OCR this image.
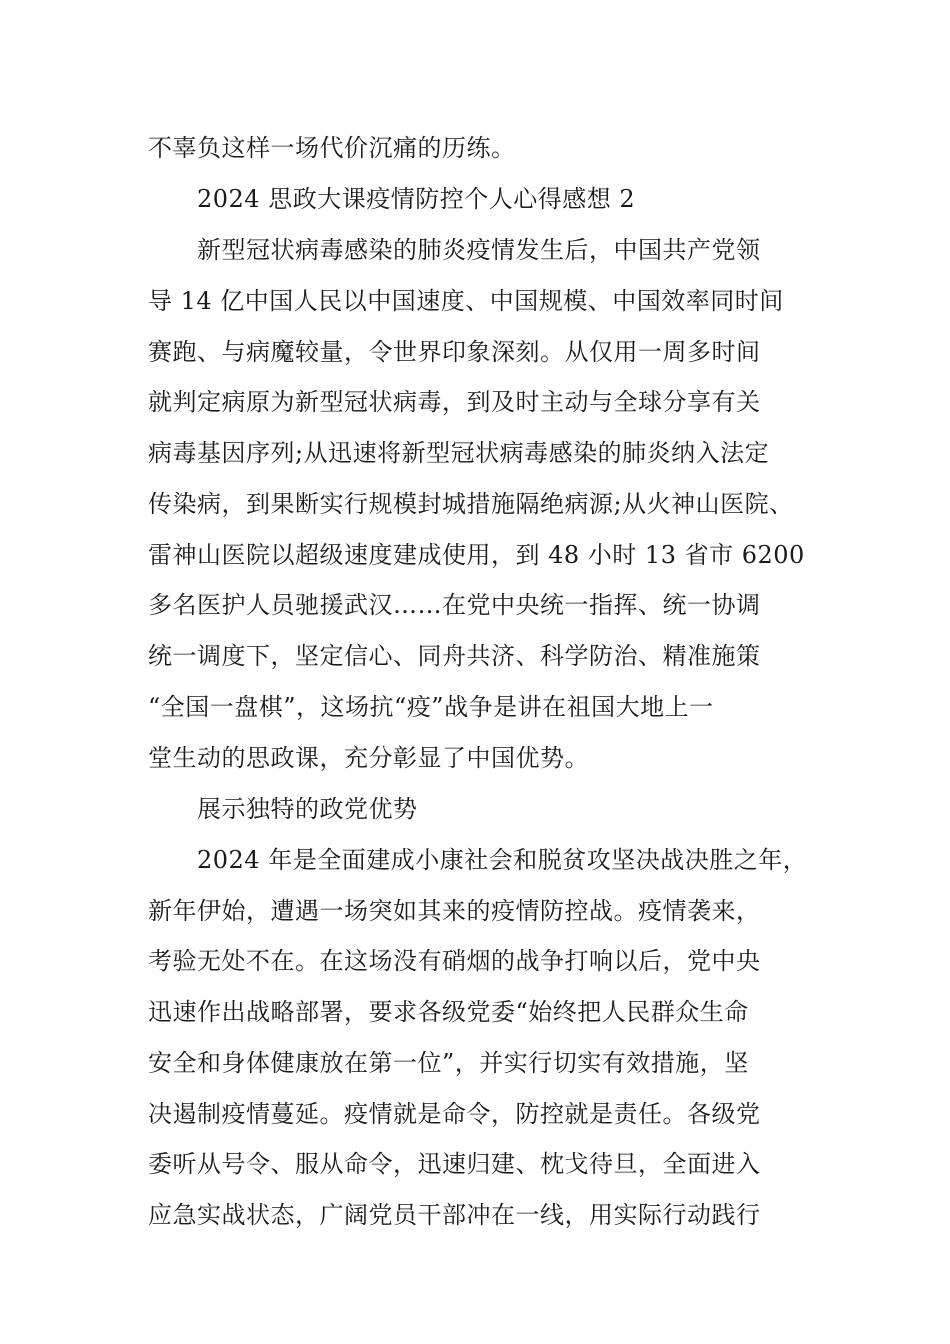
不辜负这样一场代价沉痛的历练。
2024 思政大课疫情防控个人心得感想 2
新型冠状病毒感染的肺炎疫情发生后，中国共产党领
导 14 亿中国人民以中国速度、中国规模、中国效率同时间
赛跑、与病魔较量，令世界印象深刻。从仅用一周多时间
就判定病原为新型冠状病毒，到及时主动与全球分享有关
病毒基因序列;从迅速将新型冠状病毒感染的肺炎纳入法定
传染病，到果断实行规模封城措施隔绝病源;从火神山医院、
雷神山医院以超级速度建成使用，到 48 小时 13 省市 6200
多名医护人员驰援武汉……在党中央统一指挥、统一协调
统一调度下，坚定信心、同舟共济、科学防治、精准施策
“全国一盘棋”，这场抗“疫”战争是讲在祖国大地上一
堂生动的思政课，充分彰显了中国优势。
展示独特的政党优势
2024 年是全面建成小康社会和脱贫攻坚决战决胜之年，
新年伊始，遭遇一场突如其来的疫情防控战。疫情袭来，
考验无处不在。在这场没有硝烟的战争打响以后，党中央
迅速作出战略部署，要求各级党委“始终把人民群众生命
安全和身体健康放在第一位”，并实行切实有效措施，坚
决遏制疫情蔓延。疫情就是命令，防控就是责任。各级党
委听从号令、服从命令，迅速归建、枕戈待旦，全面进入
应急实战状态，广阔党员干部冲在一线，用实际行动践行
